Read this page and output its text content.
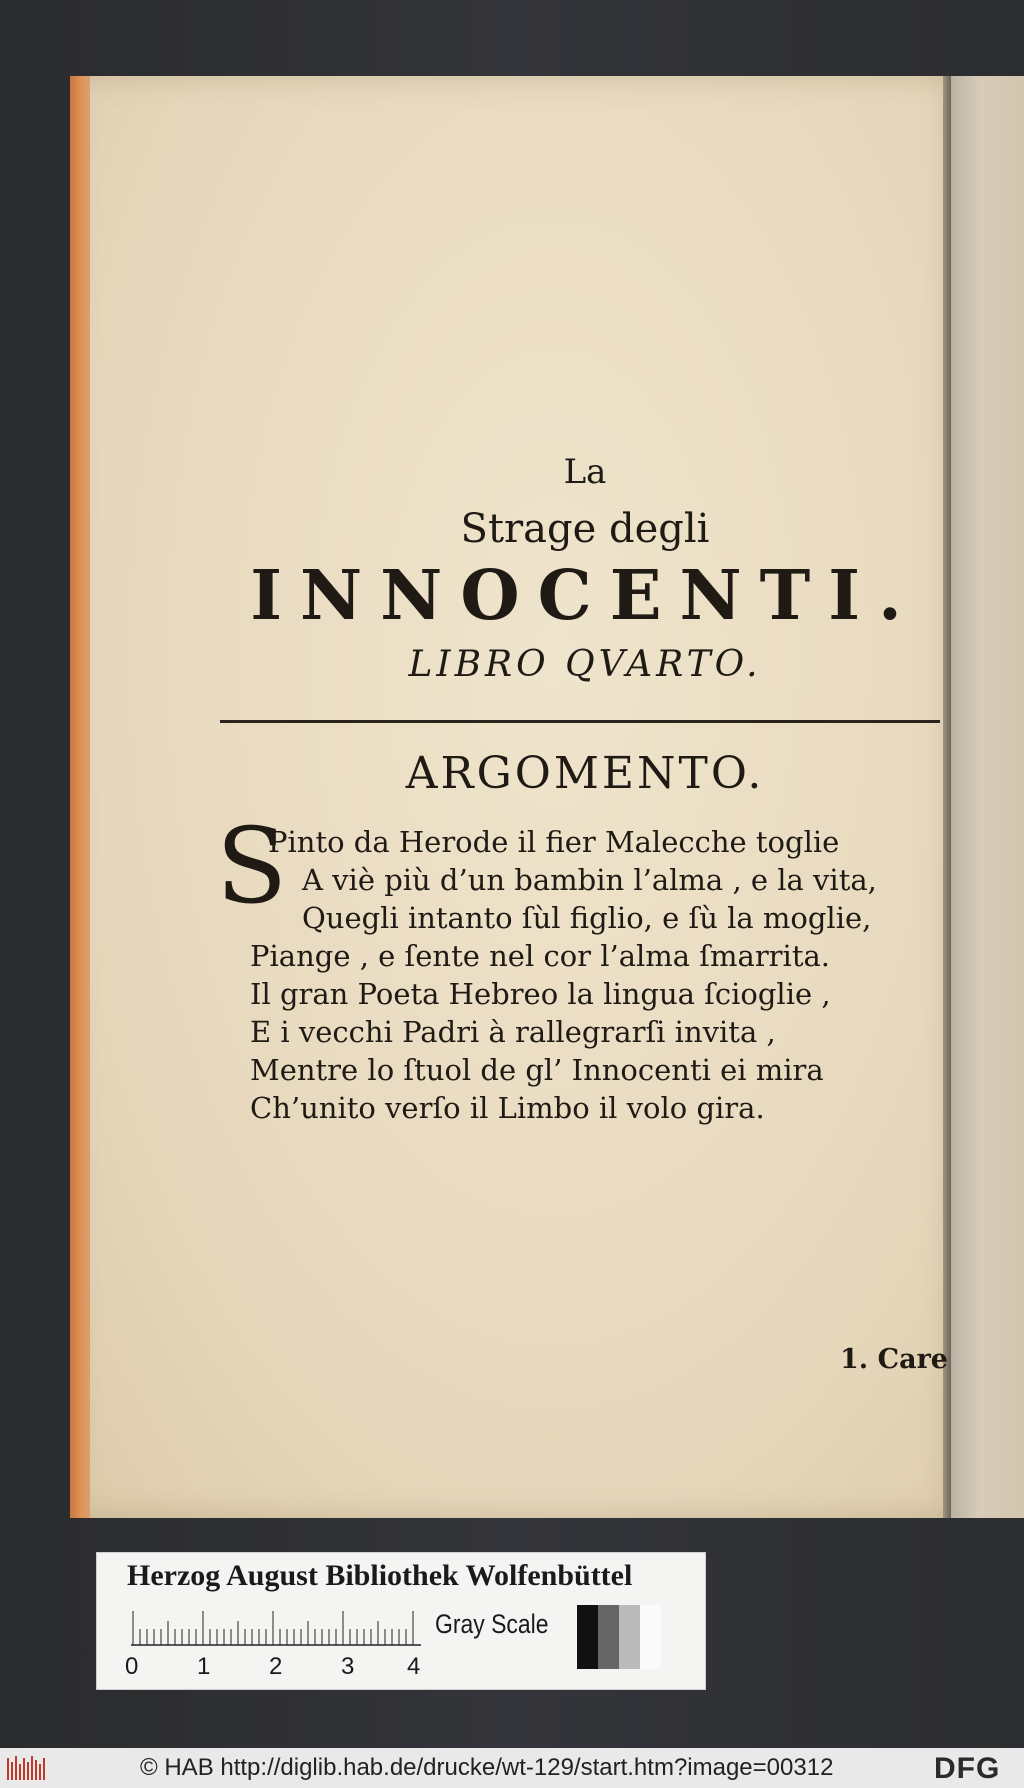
La
Strage degli
INNOCENTI.
LIBRO QVARTO.
ARGOMENTO.
S
Pinto da Herode il fier Malecche toglie
A viè più d’un bambin l’alma , e la vita,
Quegli intanto ſùl figlio, e ſù la moglie,
Piange , e ſente nel cor l’alma ſmarrita.
Il gran Poeta Hebreo la lingua ſcioglie ,
E i vecchi Padri à rallegrarſi invita ,
Mentre lo ſtuol de gl’ Innocenti ei mira
Ch’unito verſo il Limbo il volo gira.
1. Care
Herzog August Bibliothek Wolfenbüttel
Gray Scale
0 1 2 3 4
© HAB http://diglib.hab.de/drucke/wt-129/start.htm?image=00312	DFG
